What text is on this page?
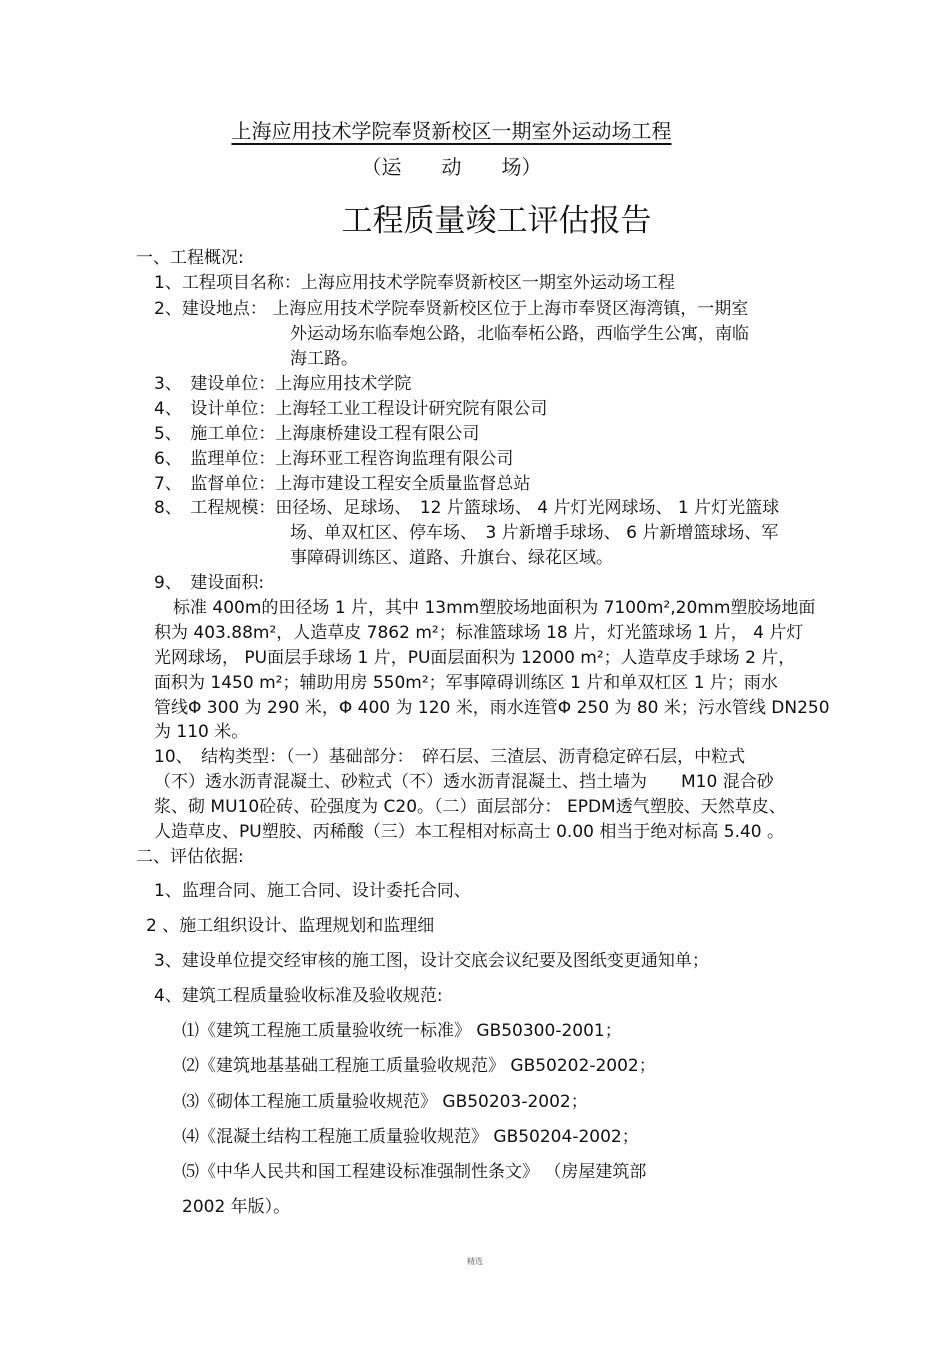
上海应用技术学院奉贤新校区一期室外运动场工程
（运　　动　　场）
工程质量竣工评估报告
一、工程概况:
1、工程项目名称：上海应用技术学院奉贤新校区一期室外运动场工程
2、建设地点： 上海应用技术学院奉贤新校区位于上海市奉贤区海湾镇，一期室
外运动场东临奉炮公路，北临奉柘公路，西临学生公寓，南临
海工路。
3、　建设单位：上海应用技术学院
4、　设计单位：上海轻工业工程设计研究院有限公司
5、　施工单位：上海康桥建设工程有限公司
6、　监理单位：上海环亚工程咨询监理有限公司
7、　监督单位：上海市建设工程安全质量监督总站
8、　工程规模：田径场、足球场、　12 片篮球场、 4 片灯光网球场、 1 片灯光篮球
场、单双杠区、停车场、　3 片新增手球场、 6 片新增篮球场、军
事障碍训练区、道路、升旗台、绿花区域。
9、　建设面积:
标准 400m的田径场 1 片，其中 13mm塑胶场地面积为 7100m²,20mm塑胶场地面
积为 403.88m²，人造草皮 7862 m²；标准篮球场 18 片，灯光篮球场 1 片， 4 片灯
光网球场， PU面层手球场 1 片，PU面层面积为 12000 m²；人造草皮手球场 2 片，
面积为 1450 m²；辅助用房 550m²；军事障碍训练区 1 片和单双杠区 1 片；雨水
管线Φ 300 为 290 米，Φ 400 为 120 米，雨水连管Φ 250 为 80 米；污水管线 DN250
为 110 米。
10、　结构类型：（一）基础部分：　碎石层、三渣层、沥青稳定碎石层，中粒式
（不）透水沥青混凝土、砂粒式（不）透水沥青混凝土、挡土墙为　　M10 混合砂
浆、砌 MU10砼砖、砼强度为 C20。（二）面层部分： EPDM透气塑胶、天然草皮、
人造草皮、PU塑胶、丙稀酸（三）本工程相对标高士 0.00 相当于绝对标高 5.40 。
二、评估依据:
1、监理合同、施工合同、设计委托合同、
2 、施工组织设计、监理规划和监理细
3、建设单位提交经审核的施工图，设计交底会议纪要及图纸变更通知单；
4、建筑工程质量验收标准及验收规范:
⑴《建筑工程施工质量验收统一标准》 GB50300-2001；
⑵《建筑地基基础工程施工质量验收规范》 GB50202-2002；
⑶《砌体工程施工质量验收规范》 GB50203-2002；
⑷《混凝土结构工程施工质量验收规范》 GB50204-2002；
⑸《中华人民共和国工程建设标准强制性条文》 （房屋建筑部
2002 年版）。
精选
